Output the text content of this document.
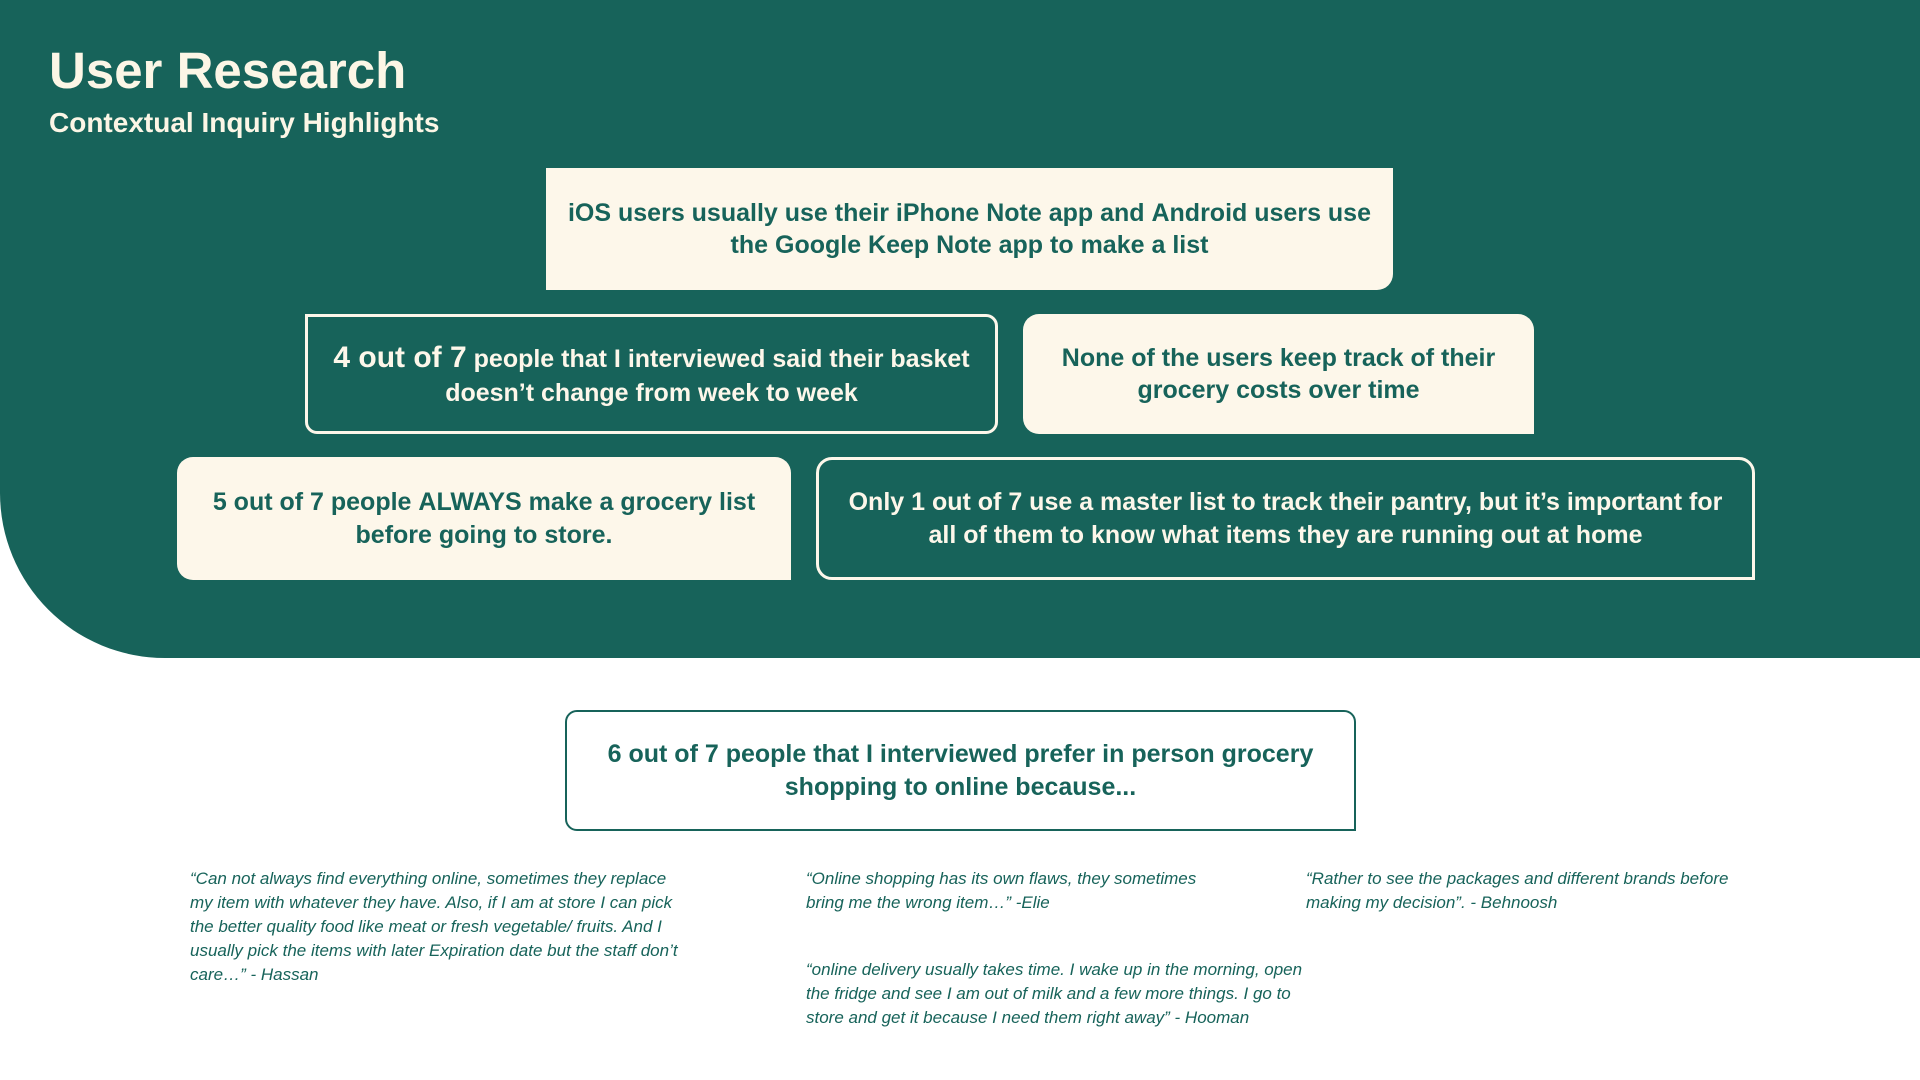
User Research
Contextual Inquiry Highlights

iOS users usually use their iPhone Note app and Android users use the Google Keep Note app to make a list

4 out of 7 people that I interviewed said their basket doesn’t change from week to week

None of the users keep track of their grocery costs over time

5 out of 7 people ALWAYS make a grocery list before going to store.

Only 1 out of 7 use a master list to track their pantry, but it’s important for all of them to know what items they are running out at home

6 out of 7 people that I interviewed prefer in person grocery shopping to online because...

“Can not always find everything online, sometimes they replace my item with whatever they have. Also, if I am at store I can pick the better quality food like meat or fresh vegetable/ fruits. And I usually pick the items with later Expiration date but the staff don’t care…” - Hassan

“Online shopping has its own flaws, they sometimes bring me the wrong item…” -Elie

“online delivery usually takes time. I wake up in the morning, open the fridge and see I am out of milk and a few more things. I go to store and get it because I need them right away” - Hooman

“Rather to see the packages and different brands before making my decision”. - Behnoosh
